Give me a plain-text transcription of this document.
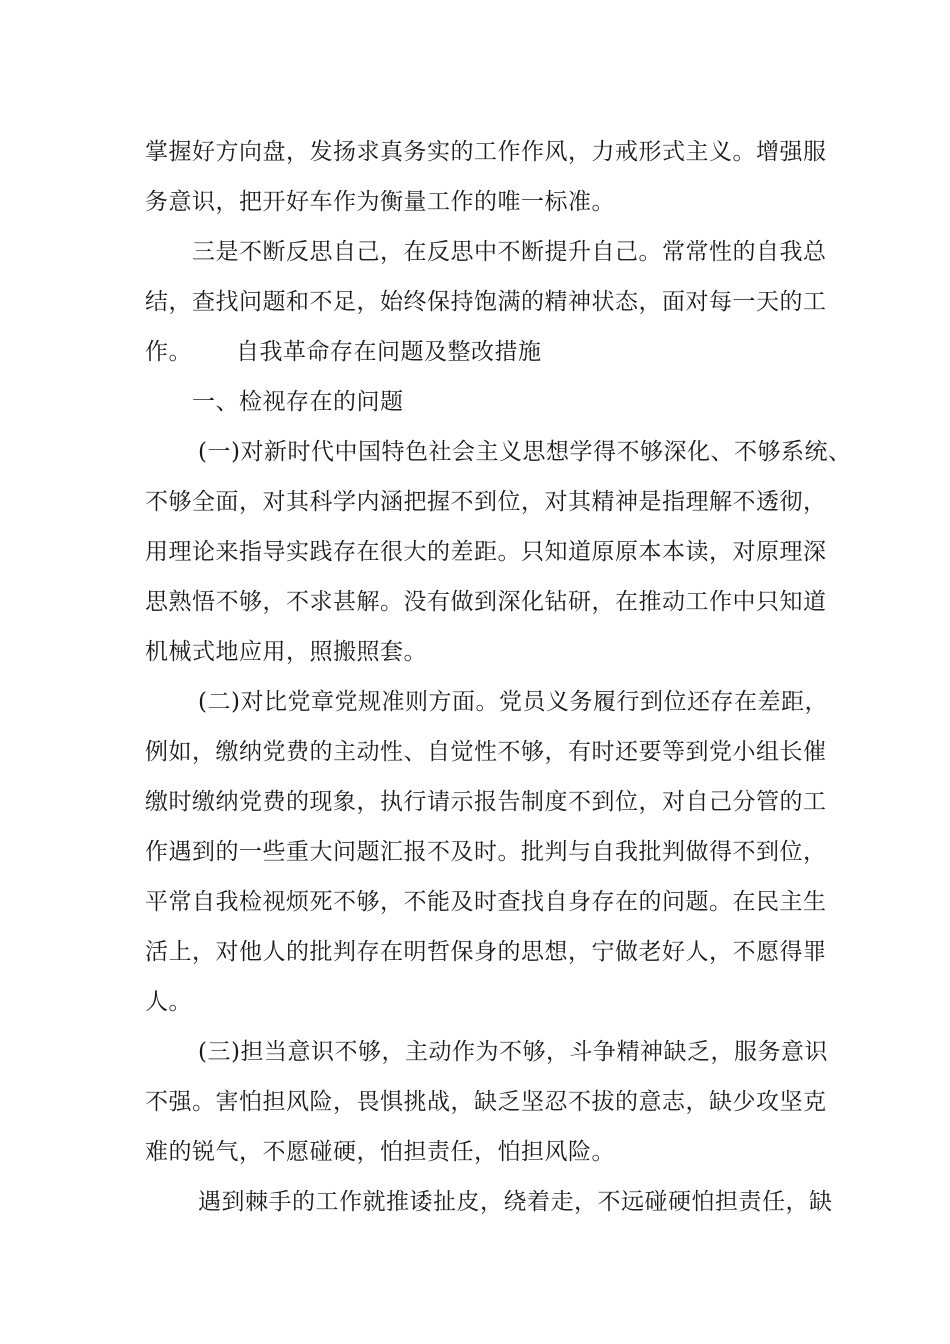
掌握好方向盘，发扬求真务实的工作作风，力戒形式主义。增强服
务意识，把开好车作为衡量工作的唯一标准。
三是不断反思自己，在反思中不断提升自己。常常性的自我总
结，查找问题和不足，始终保持饱满的精神状态，面对每一天的工
作。 自我革命存在问题及整改措施
一、检视存在的问题
(一)对新时代中国特色社会主义思想学得不够深化、不够系统、
不够全面，对其科学内涵把握不到位，对其精神是指理解不透彻，
用理论来指导实践存在很大的差距。只知道原原本本读，对原理深
思熟悟不够，不求甚解。没有做到深化钻研，在推动工作中只知道
机械式地应用，照搬照套。
(二)对比党章党规准则方面。党员义务履行到位还存在差距，
例如，缴纳党费的主动性、自觉性不够，有时还要等到党小组长催
缴时缴纳党费的现象，执行请示报告制度不到位，对自己分管的工
作遇到的一些重大问题汇报不及时。批判与自我批判做得不到位，
平常自我检视烦死不够，不能及时查找自身存在的问题。在民主生
活上，对他人的批判存在明哲保身的思想，宁做老好人，不愿得罪
人。
(三)担当意识不够，主动作为不够，斗争精神缺乏，服务意识
不强。害怕担风险，畏惧挑战，缺乏坚忍不拔的意志，缺少攻坚克
难的锐气，不愿碰硬，怕担责任，怕担风险。
遇到棘手的工作就推诿扯皮，绕着走，不远碰硬怕担责任，缺
